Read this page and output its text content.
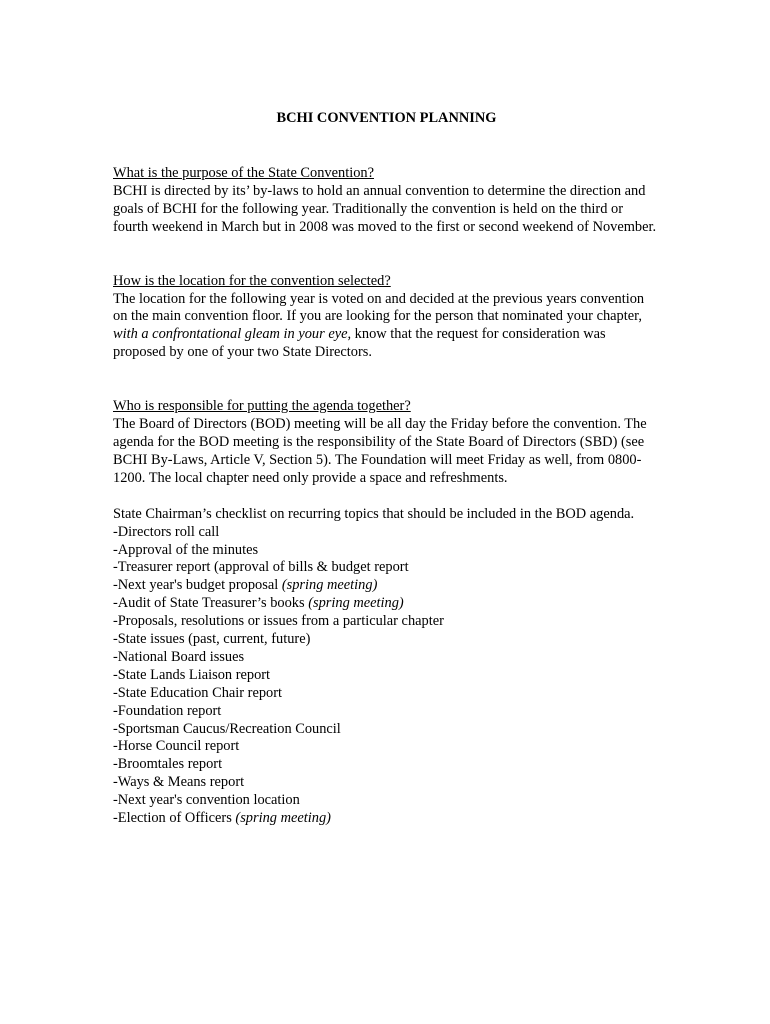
BCHI CONVENTION PLANNING

What is the purpose of the State Convention?

BCHI is directed by its’ by-laws to hold an annual convention to determine the direction and goals of BCHI for the following year. Traditionally the convention is held on the third or fourth weekend in March but in 2008 was moved to the first or second weekend of November.

How is the location for the convention selected?

The location for the following year is voted on and decided at the previous years convention on the main convention floor. If you are looking for the person that nominated your chapter, with a confrontational gleam in your eye, know that the request for consideration was proposed by one of your two State Directors.

Who is responsible for putting the agenda together?

The Board of Directors (BOD) meeting will be all day the Friday before the convention. The agenda for the BOD meeting is the responsibility of the State Board of Directors (SBD) (see BCHI By-Laws, Article V, Section 5). The Foundation will meet Friday as well, from 0800-1200. The local chapter need only provide a space and refreshments.

State Chairman’s checklist on recurring topics that should be included in the BOD agenda.

-Directors roll call
-Approval of the minutes
-Treasurer report (approval of bills & budget report
-Next year's budget proposal (spring meeting)
-Audit of State Treasurer’s books (spring meeting)
-Proposals, resolutions or issues from a particular chapter
-State issues (past, current, future)
-National Board issues
-State Lands Liaison report
-State Education Chair report
-Foundation report
-Sportsman Caucus/Recreation Council
-Horse Council report
-Broomtales report
-Ways & Means report
-Next year's convention location
-Election of Officers (spring meeting)
